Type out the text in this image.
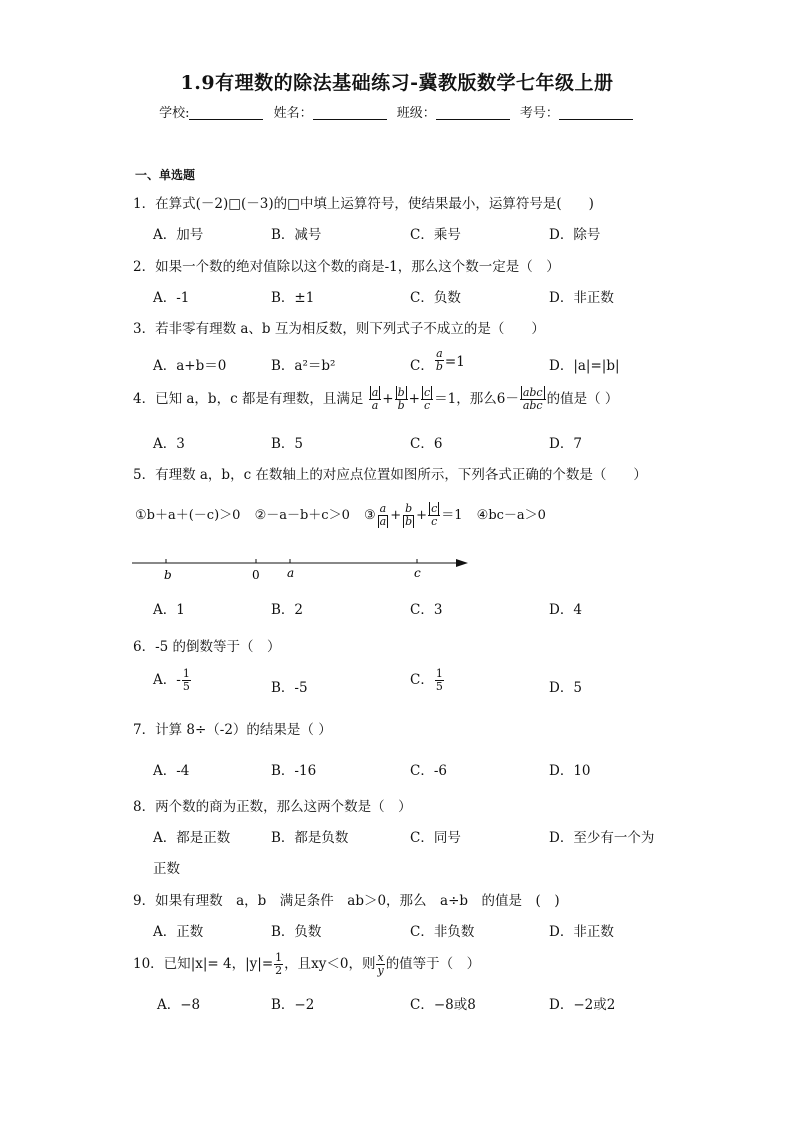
1.9有理数的除法基础练习-冀教版数学七年级上册
学校:	姓名：	班级：	考号：
一、单选题
1．在算式(－2)□(－3)的□中填上运算符号，使结果最小，运算符号是(　　)
A．加号	B．减号	C．乘号	D．除号
2．如果一个数的绝对值除以这个数的商是-1，那么这个数一定是（　）
A．-1	B．±1	C．负数	D．非正数
3．若非零有理数 a、b 互为相反数，则下列式子不成立的是（　　）
A．a+b＝0	B．a²＝b²	C． $\frac{a}{b} =1$	D．|a|=|b|
4．已知 a，b，c 都是有理数，且满足 $\frac{a}{a} + \frac{b}{b} + \frac{c}{c} =1$，那么$6- \frac{\text{abc}}{\text{abc}}$ 的值是（ ）
A．3	B．5	C．6	D．7
5．有理数 a，b，c 在数轴上的对应点位置如图所示，下列各式正确的个数是（　　）
①b＋a＋(－c)＞0 ②－a－b＋c＞0 ③ $\frac{a}{a} + \frac{b}{b} + \frac{c}{c} =1$ ④bc－a＞0
b	0 a	c
A．1	B．2	C．3	D．4
6．-5 的倒数等于（　）
A．- $\frac{1}{5}$	B．-5	C． $\frac{1}{5}$	D．5
7．计算 8÷（-2）的结果是（ ）
A．-4	B．-16	C．-6	D．10
8．两个数的商为正数，那么这两个数是（　）
A．都是正数	B．都是负数	C．同号	D．至少有一个为
正数
9．如果有理数　a，b　满足条件　ab＞0，那么　a÷b　的值是　(　)
A．正数	B．负数	C．非负数	D．非正数
10．已知|x|= 4，$|y|= \frac{1}{2}$ ，且xy＜0，则 $\frac{x}{y}$ 的值等于（　）
A．−8	B．−2	C．−8或8	D．−2或2
